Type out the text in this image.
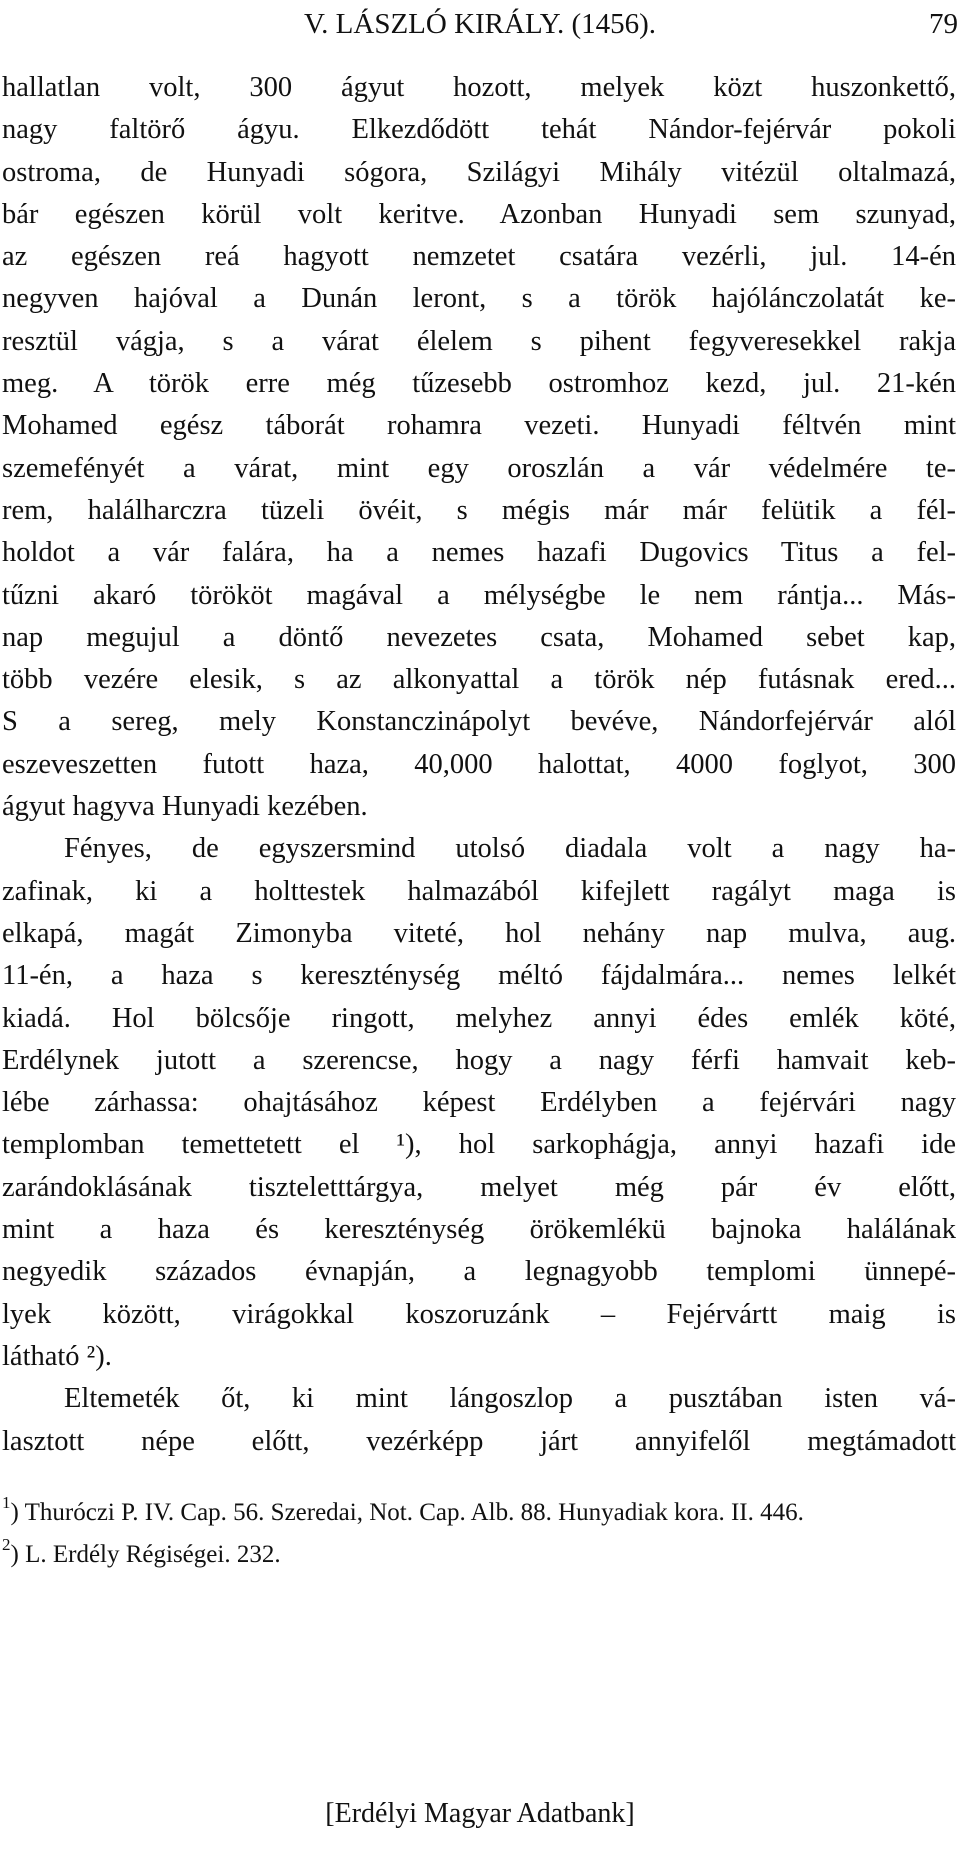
V. LÁSZLÓ KIRÁLY. (1456).	79

hallatlan volt, 300 ágyut hozott, melyek közt huszonkettő,

nagy faltörő ágyu. Elkezdődött tehát Nándor-fejérvár pokoli

ostroma, de Hunyadi sógora, Szilágyi Mihály vitézül oltalmazá,

bár egészen körül volt keritve. Azonban Hunyadi sem szunyad,

az egészen reá hagyott nemzetet csatára vezérli, jul. 14-én

negyven hajóval a Dunán leront, s a török hajólánczolatát ke-

resztül vágja, s a várat élelem s pihent fegyveresekkel rakja

meg. A török erre még tűzesebb ostromhoz kezd, jul. 21-kén

Mohamed egész táborát rohamra vezeti. Hunyadi féltvén mint

szemefényét a várat, mint egy oroszlán a vár védelmére te-

rem, halálharczra tüzeli övéit, s mégis már már felütik a fél-

holdot a vár falára, ha a nemes hazafi Dugovics Titus a fel-

tűzni akaró törököt magával a mélységbe le nem rántja... Más-

nap megujul a döntő nevezetes csata, Mohamed sebet kap,

több vezére elesik, s az alkonyattal a török nép futásnak ered...

S a sereg, mely Konstanczinápolyt bevéve, Nándorfejérvár alól

eszeveszetten futott haza, 40,000 halottat, 4000 foglyot, 300

ágyut hagyva Hunyadi kezében.

Fényes, de egyszersmind utolsó diadala volt a nagy ha-

zafinak, ki a holttestek halmazából kifejlett ragályt maga is

elkapá, magát Zimonyba viteté, hol nehány nap mulva, aug.

11-én, a haza s kereszténység méltó fájdalmára... nemes lelkét

kiadá. Hol bölcsője ringott, melyhez annyi édes emlék köté,

Erdélynek jutott a szerencse, hogy a nagy férfi hamvait keb-

lébe zárhassa: ohajtásához képest Erdélyben a fejérvári nagy

templomban temettetett el ¹), hol sarkophágja, annyi hazafi ide

zarándoklásának tiszteletttárgya, melyet még pár év előtt,

mint a haza és kereszténység örökemlékü bajnoka halálának

negyedik százados évnapján, a legnagyobb templomi ünnepé-

lyek között, virágokkal koszoruzánk – Fejérvártt maig is

látható ²).

Eltemeték őt, ki mint lángoszlop a pusztában isten vá-

lasztott népe előtt, vezérképp járt annyifelől megtámadott

$^1$) Thuróczi P. IV. Cap. 56. Szeredai, Not. Cap. Alb. 88. Hunyadiak kora. II. 446.

$^2$) L. Erdély Régiségei. 232.

[Erdélyi Magyar Adatbank]
